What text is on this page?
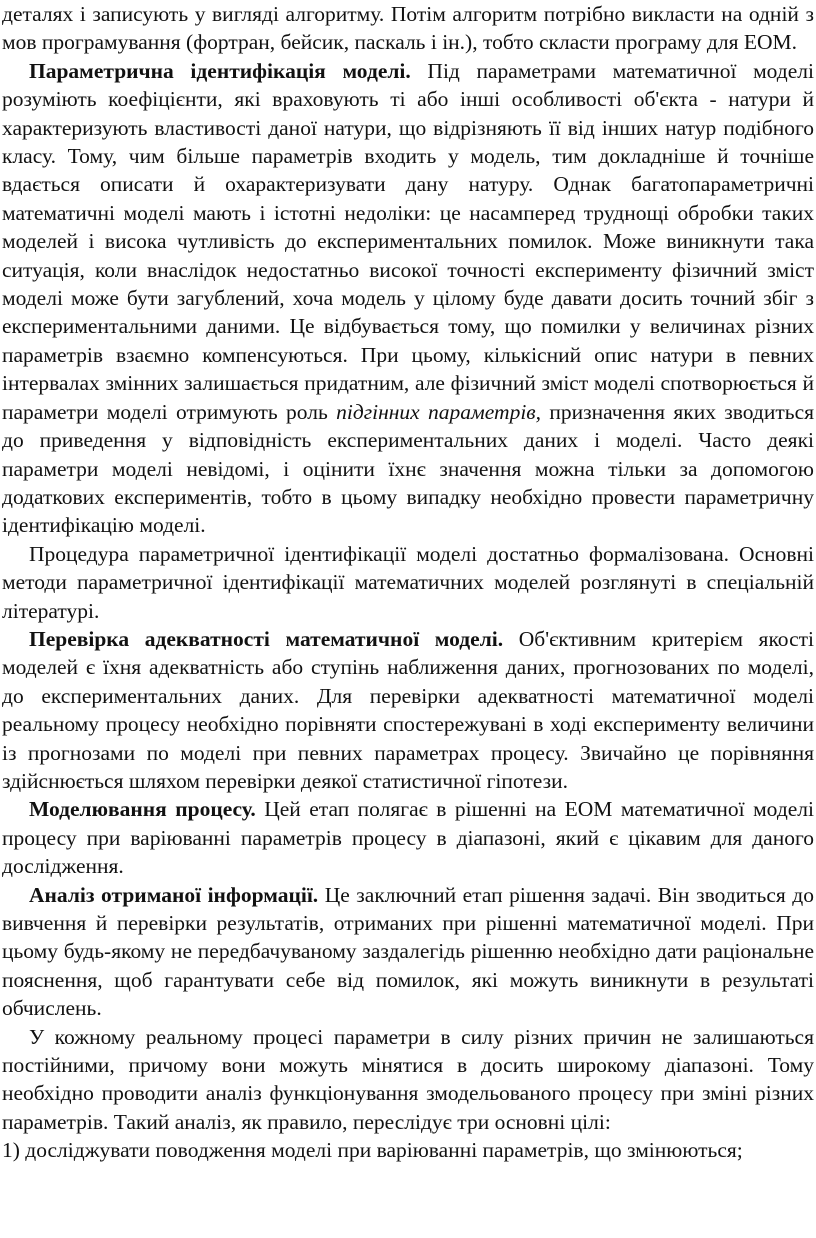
деталях і записують у вигляді алгоритму. Потім алгоритм потрібно викласти на одній з мов програмування (фортран, бейсик, паскаль і ін.), тобто скласти програму для ЕОМ.

Параметрична ідентифікація моделі. Під параметрами математичної моделі розуміють коефіцієнти, які враховують ті або інші особливості об'єкта - натури й характеризують властивості даної натури, що відрізняють її від інших натур подібного класу. Тому, чим більше параметрів входить у модель, тим докладніше й точніше вдається описати й охарактеризувати дану натуру. Однак багатопараметричні математичні моделі мають і істотні недоліки: це насамперед труднощі обробки таких моделей і висока чутливість до експериментальних помилок. Може виникнути така ситуація, коли внаслідок недостатньо високої точності експерименту фізичний зміст моделі може бути загублений, хоча модель у цілому буде давати досить точний збіг з експериментальними даними. Це відбувається тому, що помилки у величинах різних параметрів взаємно компенсуються. При цьому, кількісний опис натури в певних інтервалах змінних залишається придатним, але фізичний зміст моделі спотворюється й параметри моделі отримують роль підгінних параметрів, призначення яких зводиться до приведення у відповідність експериментальних даних і моделі. Часто деякі параметри моделі невідомі, і оцінити їхнє значення можна тільки за допомогою додаткових експериментів, тобто в цьому випадку необхідно провести параметричну ідентифікацію моделі.

Процедура параметричної ідентифікації моделі достатньо формалізована. Основні методи параметричної ідентифікації математичних моделей розглянуті в спеціальній літературі.

Перевірка адекватності математичної моделі. Об'єктивним критерієм якості моделей є їхня адекватність або ступінь наближення даних, прогнозованих по моделі, до експериментальних даних. Для перевірки адекватності математичної моделі реальному процесу необхідно порівняти спостережувані в ході експерименту величини із прогнозами по моделі при певних параметрах процесу. Звичайно це порівняння здійснюється шляхом перевірки деякої статистичної гіпотези.

Моделювання процесу. Цей етап полягає в рішенні на ЕОМ математичної моделі процесу при варіюванні параметрів процесу в діапазоні, який є цікавим для даного дослідження.

Аналіз отриманої інформації. Це заключний етап рішення задачі. Він зводиться до вивчення й перевірки результатів, отриманих при рішенні математичної моделі. При цьому будь-якому не передбачуваному заздалегідь рішенню необхідно дати раціональне пояснення, щоб гарантувати себе від помилок, які можуть виникнути в результаті обчислень.

У кожному реальному процесі параметри в силу різних причин не залишаються постійними, причому вони можуть мінятися в досить широкому діапазоні. Тому необхідно проводити аналіз функціонування змодельованого процесу при зміні різних параметрів. Такий аналіз, як правило, переслідує три основні цілі:

1) досліджувати поводження моделі при варіюванні параметрів, що змінюються;
